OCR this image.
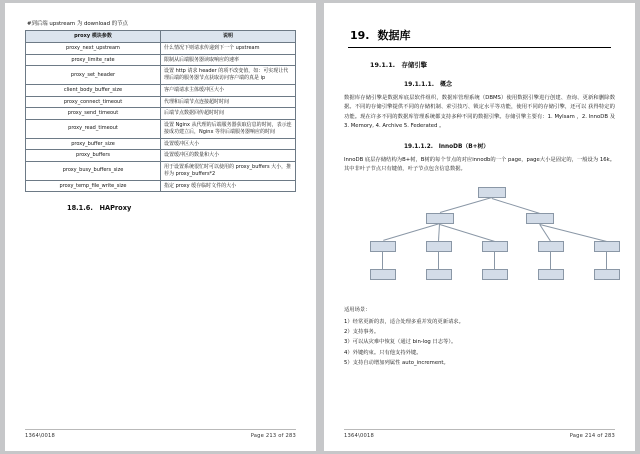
#到后端 upstream 为 download 的节点
proxy 模块参数	说明
proxy_next_upstream	什么情况下则请求传递到下一个 upstream
proxy_limite_rate	限制从后端服务器读取响应的速率
proxy_set_header	设置 http 请求 header 的项不改变值，如：可实现让代理后端的服务器节点获取访问客户端的真是 ip
client_body_buffer_size	客户端请求主体缓冲区大小
proxy_connect_timeout	代理和后端节点连接超时时间
proxy_send_timeout	后端节点数据回传超时时间
proxy_read_timeout	设置 Nginx 从代理的后端服务器获取信息的时间，表示连接成功建立后，Nginx 等待后端服务器响应的时间
proxy_buffer_size	设置缓冲区大小
proxy_buffers	设置缓冲区的数量和大小
proxy_busy_buffers_size	用于设置系统很忙时可以使用的 proxy_buffers 大小，推荐为 proxy_buffers*2
proxy_temp_file_write_size	指定 proxy 缓存临时文件的大小
18.1.6.　HAProxy
1364\0018	Page 213 of 283
19. 数据库
19.1.1.　存储引擎
19.1.1.1.　概念

数据库存储引擎是数据库底层软件组织，数据库管理系统（DBMS）使用数据引擎进行创建、查询、更新和删除数据。不同的存储引擎提供不同的存储机制、索引技巧、锁定水平等功能，使用不同的存储引擎，还可以 获得特定的功能。现在许多不同的数据库管理系统都支持多种不同的数据引擎。存储引擎主要有：1. Mylsam ，2. InnoDB 及 3. Memory, 4. Archive 5. Federated 。

19.1.1.2.　InnoDB（B+树）

InnoDB 底层存储结构为B+树，B树的每个节点的对应innodb的一个 page，page大小是固定的，一般设为 16k。其中非叶子节点只有键值，叶子节点包含信息数据。

适用场景：
1）经常更新的表，适合处理多重并发的更新请求。
2）支持事务。
3）可以从灾难中恢复（通过 bin-log 日志等）。
4）外键约束。只有他支持外键。
5）支持自动增加列属性 auto_increment。
1364\0018	Page 214 of 283
